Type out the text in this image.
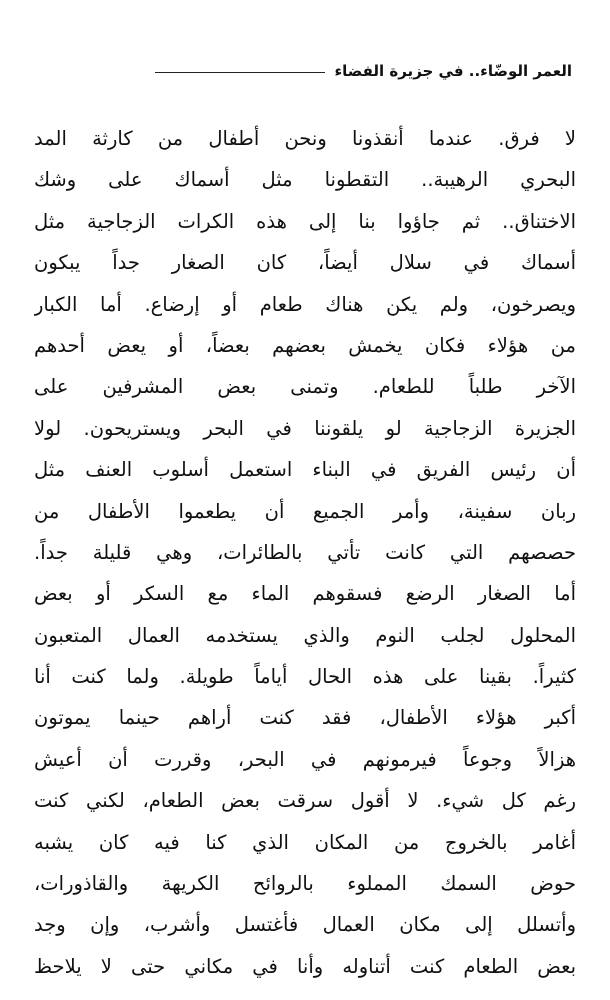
العمر الوضّاء.. في جزيرة الفضاء
لا فرق. عندما أنقذونا ونحن أطفال من كارثة المد
البحري الرهيبة.. التقطونا مثل أسماك على وشك
الاختناق.. ثم جاؤوا بنا إلى هذه الكرات الزجاجية مثل
أسماك في سلال أيضاً، كان الصغار جداً يبكون
ويصرخون، ولم يكن هناك طعام أو إرضاع. أما الكبار
من هؤلاء فكان يخمش بعضهم بعضاً، أو يعض أحدهم
الآخر طلباً للطعام. وتمنى بعض المشرفين على
الجزيرة الزجاجية لو يلقوننا في البحر ويستريحون. لولا
أن رئيس الفريق في البناء استعمل أسلوب العنف مثل
ربان سفينة، وأمر الجميع أن يطعموا الأطفال من
حصصهم التي كانت تأتي بالطائرات، وهي قليلة جداً.
أما الصغار الرضع فسقوهم الماء مع السكر أو بعض
المحلول لجلب النوم والذي يستخدمه العمال المتعبون
كثيراً. بقينا على هذه الحال أياماً طويلة. ولما كنت أنا
أكبر هؤلاء الأطفال، فقد كنت أراهم حينما يموتون
هزالاً وجوعاً فيرمونهم في البحر، وقررت أن أعيش
رغم كل شيء. لا أقول سرقت بعض الطعام، لكني كنت
أغامر بالخروج من المكان الذي كنا فيه كان يشبه
حوض السمك المملوء بالروائح الكريهة والقاذورات،
وأتسلل إلى مكان العمال فأغتسل وأشرب، وإن وجد
بعض الطعام كنت أتناوله وأنا في مكاني حتى لا يلاحظ
